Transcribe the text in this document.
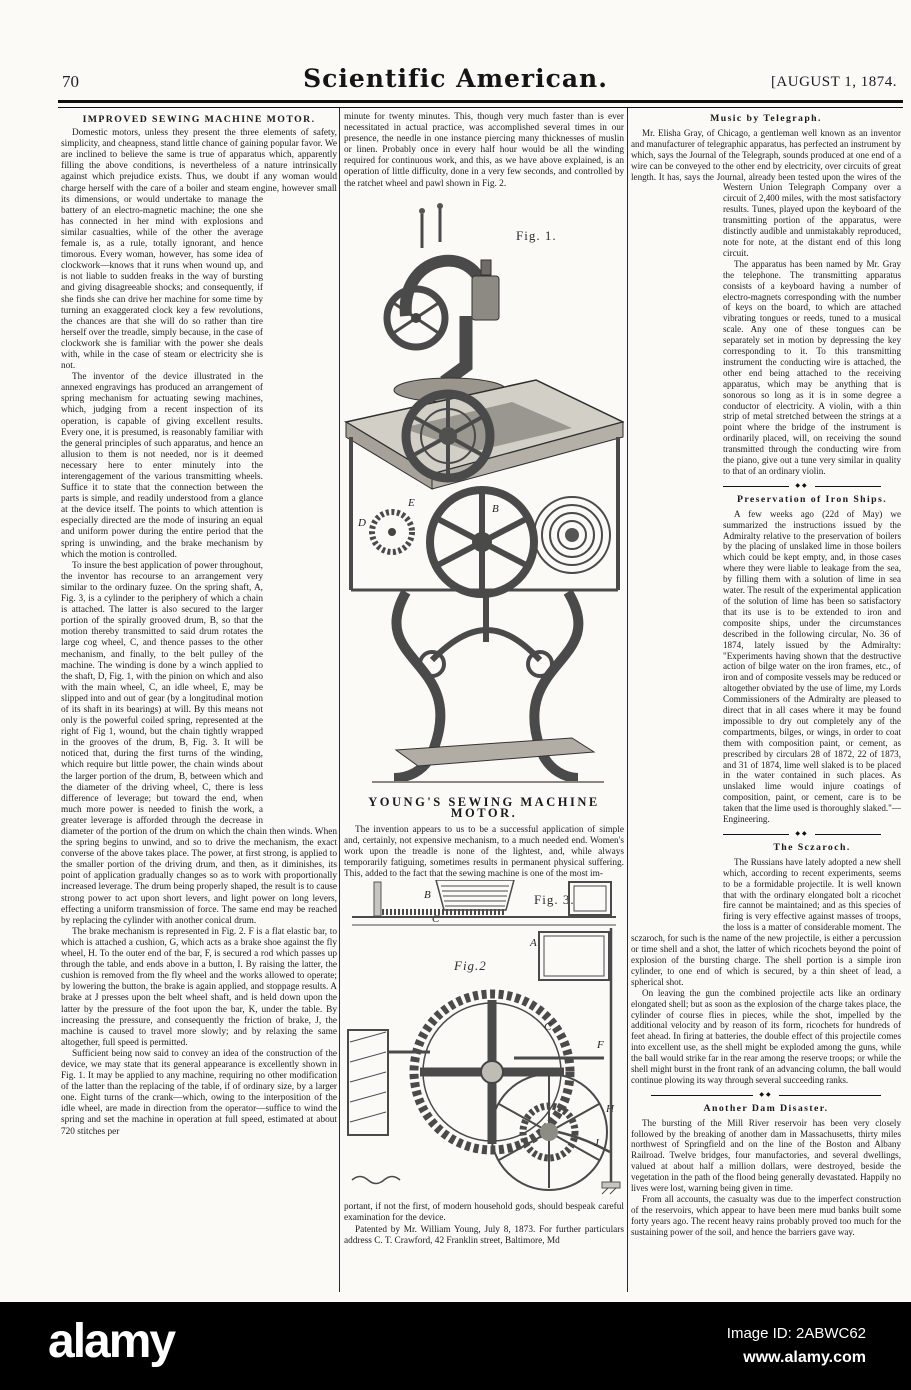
70	Scientific American.	[AUGUST 1, 1874.
IMPROVED SEWING MACHINE MOTOR.

Domestic motors, unless they present the three elements of safety, simplicity, and cheapness, stand little chance of gaining popular favor. We are inclined to believe the same is true of apparatus which, apparently filling the above conditions, is nevertheless of a nature intrinsically against which prejudice exists. Thus, we doubt if any woman would charge herself with the care of a boiler and steam engine, however small its dimensions, or would undertake to manage the battery of an electro-magnetic machine; the one she has connected in her mind with explosions and similar casualties, while of the other the average female is, as a rule, totally ignorant, and hence timorous. Every woman, however, has some idea of clockwork—knows that it runs when wound up, and is not liable to sudden freaks in the way of bursting and giving disagreeable shocks; and consequently, if she finds she can drive her machine for some time by turning an exaggerated clock key a few revolutions, the chances are that she will do so rather than tire herself over the treadle, simply because, in the case of clockwork she is familiar with the power she deals with, while in the case of steam or electricity she is not.

The inventor of the device illustrated in the annexed engravings has produced an arrangement of spring mechanism for actuating sewing machines, which, judging from a recent inspection of its operation, is capable of giving excellent results. Every one, it is presumed, is reasonably familiar with the general principles of such apparatus, and hence an allusion to them is not needed, nor is it deemed necessary here to enter minutely into the interengagement of the various transmitting wheels. Suffice it to state that the connection between the parts is simple, and readily understood from a glance at the device itself. The points to which attention is especially directed are the mode of insuring an equal and uniform power during the entire period that the spring is unwinding, and the brake mechanism by which the motion is controlled.

To insure the best application of power throughout, the inventor has recourse to an arrangement very similar to the ordinary fuzee. On the spring shaft, A, Fig. 3, is a cylinder to the periphery of which a chain is attached. The latter is also secured to the larger portion of the spirally grooved drum, B, so that the motion thereby transmitted to said drum rotates the large cog wheel, C, and thence passes to the other mechanism, and finally, to the belt pulley of the machine. The winding is done by a winch applied to the shaft, D, Fig. 1, with the pinion on which and also with the main wheel, C, an idle wheel, E, may be slipped into and out of gear (by a longitudinal motion of its shaft in its bearings) at will. By this means not only is the powerful coiled spring, represented at the right of Fig 1, wound, but the chain tightly wrapped in the grooves of the drum, B, Fig. 3. It will be noticed that, during the first turns of the winding, which require but little power, the chain winds about the larger portion of the drum, B, between which and the diameter of the driving wheel, C, there is less difference of leverage; but toward the end, when much more power is needed to finish the work, a greater leverage is afforded through the decrease in diameter of the portion of the drum on which the chain then winds. When the spring begins to unwind, and so to drive the mechanism, the exact converse of the above takes place. The power, at first strong, is applied to the smaller portion of the driving drum, and then, as it diminishes, its point of application gradually changes so as to work with proportionally increased leverage. The drum being properly shaped, the result is to cause strong power to act upon short levers, and light power on long levers, effecting a uniform transmission of force. The same end may be reached by replacing the cylinder with another conical drum.

The brake mechanism is represented in Fig. 2. F is a flat elastic bar, to which is attached a cushion, G, which acts as a brake shoe against the fly wheel, H. To the outer end of the bar, F, is secured a rod which passes up through the table, and ends above in a button, I. By raising the latter, the cushion is removed from the fly wheel and the works allowed to operate; by lowering the button, the brake is again applied, and stoppage results. A brake at J presses upon the belt wheel shaft, and is held down upon the latter by the pressure of the foot upon the bar, K, under the table. By increasing the pressure, and consequently the friction of brake, J, the machine is caused to travel more slowly; and by relaxing the same altogether, full speed is permitted.

Sufficient being now said to convey an idea of the construction of the device, we may state that its general appearance is excellently shown in Fig. 1. It may be applied to any machine, requiring no other modification of the latter than the replacing of the table, if of ordinary size, by a larger one. Eight turns of the crank—which, owing to the interposition of the idle wheel, are made in direction from the operator—suffice to wind the spring and set the machine in operation at full speed, estimated at about 720 stitches per

minute for twenty minutes. This, though very much faster than is ever necessitated in actual practice, was accomplished several times in our presence, the needle in one instance piercing many thicknesses of muslin or linen. Probably once in every half hour would be all the winding required for continuous work, and this, as we have above explained, is an operation of little difficulty, done in a very few seconds, and controlled by the ratchet wheel and pawl shown in Fig. 2.

Fig. 1.
D
E	B
YOUNG'S SEWING MACHINE MOTOR.

The invention appears to us to be a successful application of simple and, certainly, not expensive mechanism, to a much needed end. Women's work upon the treadle is none of the lightest, and, while always temporarily fatiguing, sometimes results in permanent physical suffering. This, added to the fact that the sewing machine is one of the most im-

B
C
Fig. 3.
A
Fig.2
C
F
H
J

portant, if not the first, of modern household gods, should bespeak careful examination for the device.

Patented by Mr. William Young, July 8, 1873. For further particulars address C. T. Crawford, 42 Franklin street, Baltimore, Md

Music by Telegraph.

Mr. Elisha Gray, of Chicago, a gentleman well known as an inventor and manufacturer of telegraphic apparatus, has perfected an instrument by which, says the Journal of the Telegraph, sounds produced at one end of a wire can be conveyed to the other end by electricity, over circuits of great length. It has, says the Journal, already been tested upon the wires of the Western Union Telegraph Company over a circuit of 2,400 miles, with the most satisfactory results. Tunes, played upon the keyboard of the transmitting portion of the apparatus, were distinctly audible and unmistakably reproduced, note for note, at the distant end of this long circuit.

The apparatus has been named by Mr. Gray the telephone. The transmitting apparatus consists of a keyboard having a number of electro-magnets corresponding with the number of keys on the board, to which are attached vibrating tongues or reeds, tuned to a musical scale. Any one of these tongues can be separately set in motion by depressing the key corresponding to it. To this transmitting instrument the conducting wire is attached, the other end being attached to the receiving apparatus, which may be anything that is sonorous so long as it is in some degree a conductor of electricity. A violin, with a thin strip of metal stretched between the strings at a point where the bridge of the instrument is ordinarily placed, will, on receiving the sound transmitted through the conducting wire from the piano, give out a tune very similar in quality to that of an ordinary violin.

◆◆
Preservation of Iron Ships.

A few weeks ago (22d of May) we summarized the instructions issued by the Admiralty relative to the preservation of boilers by the placing of unslaked lime in those boilers which could be kept empty, and, in those cases where they were liable to leakage from the sea, by filling them with a solution of lime in sea water. The result of the experimental application of the solution of lime has been so satisfactory that its use is to be extended to iron and composite ships, under the circumstances described in the following circular, No. 36 of 1874, lately issued by the Admiralty: "Experiments having shown that the destructive action of bilge water on the iron frames, etc., of iron and of composite vessels may be reduced or altogether obviated by the use of lime, my Lords Commissioners of the Admiralty are pleased to direct that in all cases where it may be found impossible to dry out completely any of the compartments, bilges, or wings, in order to coat them with composition paint, or cement, as prescribed by circulars 28 of 1872, 22 of 1873, and 31 of 1874, lime well slaked is to be placed in the water contained in such places. As unslaked lime would injure coatings of composition, paint, or cement, care is to be taken that the lime used is thoroughly slaked."—Engineering.

◆◆
The Sczaroch.

The Russians have lately adopted a new shell which, according to recent experiments, seems to be a formidable projectile. It is well known that with the ordinary elongated bolt a ricochet fire cannot be maintained; and as this species of firing is very effective against masses of troops, the loss is a matter of considerable moment. The sczaroch, for such is the name of the new projectile, is either a percussion or time shell and a shot, the latter of which ricochets beyond the point of explosion of the bursting charge. The shell portion is a simple iron cylinder, to one end of which is secured, by a thin sheet of lead, a spherical shot.

On leaving the gun the combined projectile acts like an ordinary elongated shell; but as soon as the explosion of the charge takes place, the cylinder of course flies in pieces, while the shot, impelled by the additional velocity and by reason of its form, ricochets for hundreds of feet ahead. In firing at batteries, the double effect of this projectile comes into excellent use, as the shell might be exploded among the guns, while the ball would strike far in the rear among the reserve troops; or while the shell might burst in the front rank of an advancing column, the ball would continue plowing its way through several succeeding ranks.

◆◆
Another Dam Disaster.

The bursting of the Mill River reservoir has been very closely followed by the breaking of another dam in Massachusetts, thirty miles northwest of Springfield and on the line of the Boston and Albany Railroad. Twelve bridges, four manufactories, and several dwellings, valued at about half a million dollars, were destroyed, beside the vegetation in the path of the flood being generally devastated. Happily no lives were lost, warning being given in time.

From all accounts, the casualty was due to the imperfect construction of the reservoirs, which appear to have been mere mud banks built some forty years ago. The recent heavy rains probably proved too much for the sustaining power of the soil, and hence the barriers gave way.

alamy	Image ID: 2ABWC62
www.alamy.com
